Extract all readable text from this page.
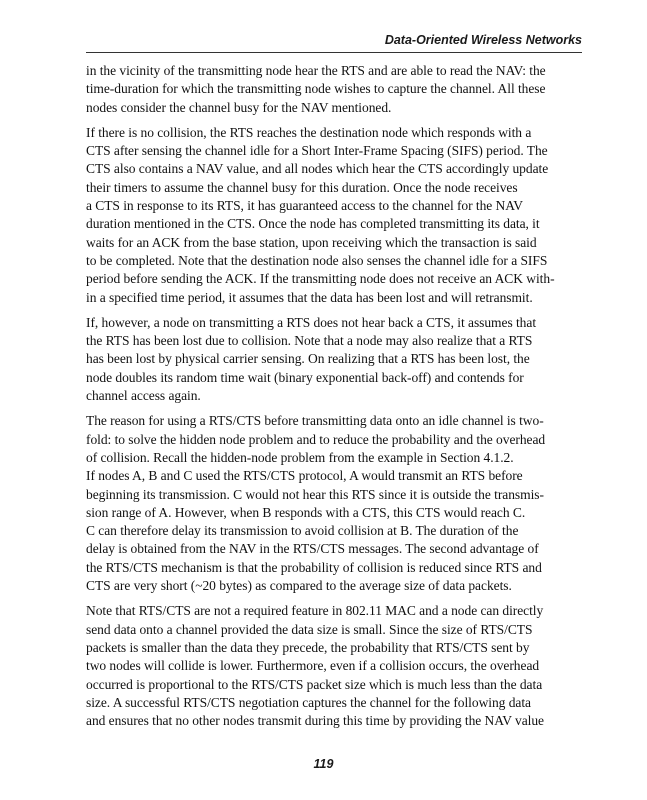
Data-Oriented Wireless Networks

in the vicinity of the transmitting node hear the RTS and are able to read the NAV: the
time-duration for which the transmitting node wishes to capture the channel. All these
nodes consider the channel busy for the NAV mentioned.

If there is no collision, the RTS reaches the destination node which responds with a
CTS after sensing the channel idle for a Short Inter-Frame Spacing (SIFS) period. The
CTS also contains a NAV value, and all nodes which hear the CTS accordingly update
their timers to assume the channel busy for this duration. Once the node receives
a CTS in response to its RTS, it has guaranteed access to the channel for the NAV
duration mentioned in the CTS. Once the node has completed transmitting its data, it
waits for an ACK from the base station, upon receiving which the transaction is said
to be completed. Note that the destination node also senses the channel idle for a SIFS
period before sending the ACK. If the transmitting node does not receive an ACK with-
in a specified time period, it assumes that the data has been lost and will retransmit.

If, however, a node on transmitting a RTS does not hear back a CTS, it assumes that
the RTS has been lost due to collision. Note that a node may also realize that a RTS
has been lost by physical carrier sensing. On realizing that a RTS has been lost, the
node doubles its random time wait (binary exponential back-off) and contends for
channel access again.

The reason for using a RTS/CTS before transmitting data onto an idle channel is two-
fold: to solve the hidden node problem and to reduce the probability and the overhead
of collision. Recall the hidden-node problem from the example in Section 4.1.2.
If nodes A, B and C used the RTS/CTS protocol, A would transmit an RTS before
beginning its transmission. C would not hear this RTS since it is outside the transmis-
sion range of A. However, when B responds with a CTS, this CTS would reach C.
C can therefore delay its transmission to avoid collision at B. The duration of the
delay is obtained from the NAV in the RTS/CTS messages. The second advantage of
the RTS/CTS mechanism is that the probability of collision is reduced since RTS and
CTS are very short (~20 bytes) as compared to the average size of data packets.

Note that RTS/CTS are not a required feature in 802.11 MAC and a node can directly
send data onto a channel provided the data size is small. Since the size of RTS/CTS
packets is smaller than the data they precede, the probability that RTS/CTS sent by
two nodes will collide is lower. Furthermore, even if a collision occurs, the overhead
occurred is proportional to the RTS/CTS packet size which is much less than the data
size. A successful RTS/CTS negotiation captures the channel for the following data
and ensures that no other nodes transmit during this time by providing the NAV value

119
